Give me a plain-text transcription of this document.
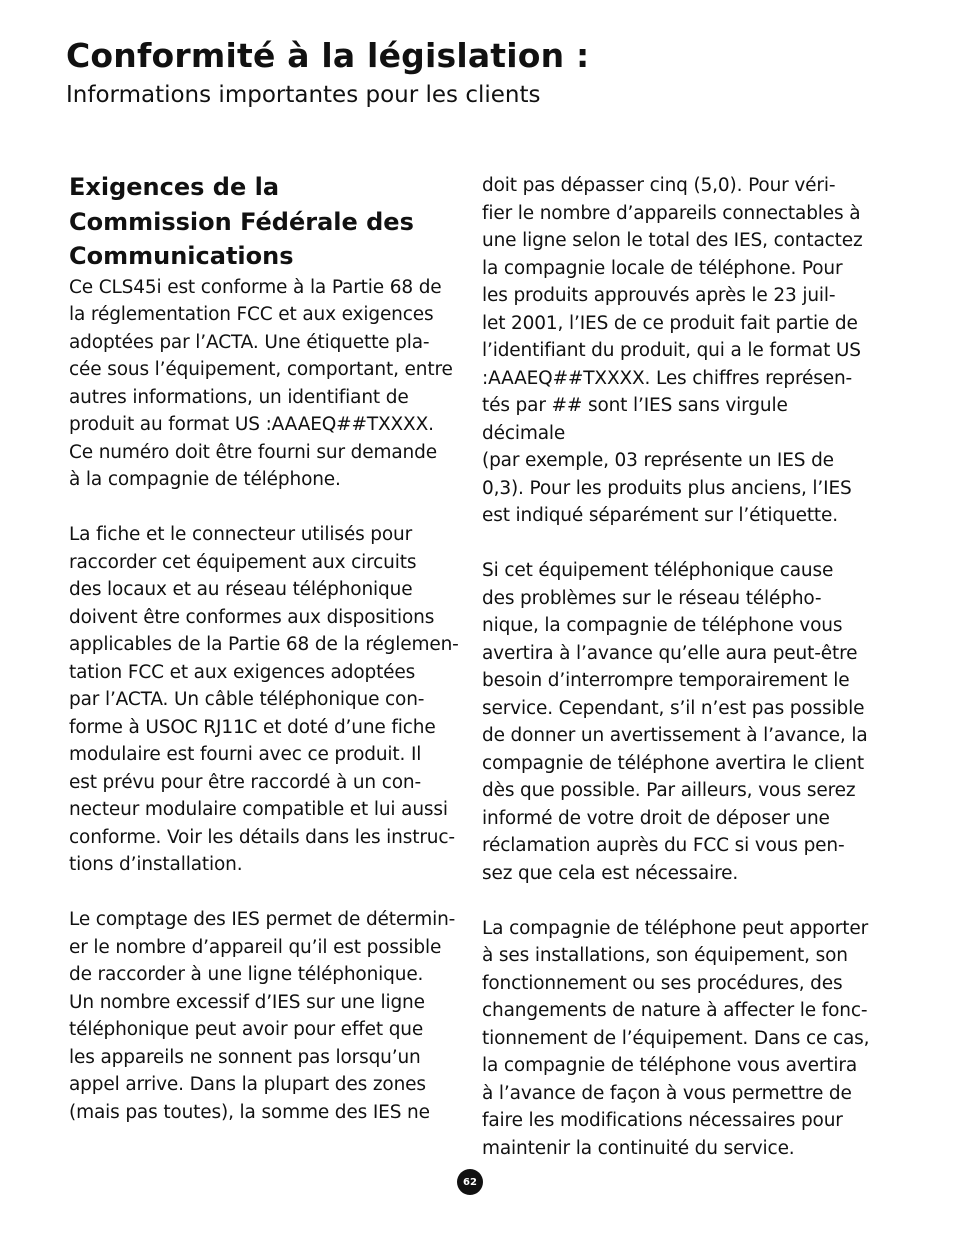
Conformité à la législation :
Informations importantes pour les clients
Exigences de la
Commission Fédérale des
Communications

Ce CLS45i est conforme à la Partie 68 de
la réglementation FCC et aux exigences
adoptées par l’ACTA. Une étiquette pla-
cée sous l’équipement, comportant, entre
autres informations, un identifiant de
produit au format US :AAAEQ##TXXXX.
Ce numéro doit être fourni sur demande
à la compagnie de téléphone.

La fiche et le connecteur utilisés pour
raccorder cet équipement aux circuits
des locaux et au réseau téléphonique
doivent être conformes aux dispositions
applicables de la Partie 68 de la réglemen-
tation FCC et aux exigences adoptées
par l’ACTA. Un câble téléphonique con-
forme à USOC RJ11C et doté d’une fiche
modulaire est fourni avec ce produit. Il
est prévu pour être raccordé à un con-
necteur modulaire compatible et lui aussi
conforme. Voir les détails dans les instruc-
tions d’installation.

Le comptage des IES permet de détermin-
er le nombre d’appareil qu’il est possible
de raccorder à une ligne téléphonique.
Un nombre excessif d’IES sur une ligne
téléphonique peut avoir pour effet que
les appareils ne sonnent pas lorsqu’un
appel arrive. Dans la plupart des zones
(mais pas toutes), la somme des IES ne

doit pas dépasser cinq (5,0). Pour véri-
fier le nombre d’appareils connectables à
une ligne selon le total des IES, contactez
la compagnie locale de téléphone. Pour
les produits approuvés après le 23 juil-
let 2001, l’IES de ce produit fait partie de
l’identifiant du produit, qui a le format US
:AAAEQ##TXXXX. Les chiffres représen-
tés par ## sont l’IES sans virgule décimale
(par exemple, 03 représente un IES de
0,3). Pour les produits plus anciens, l’IES
est indiqué séparément sur l’étiquette.

Si cet équipement téléphonique cause
des problèmes sur le réseau télépho-
nique, la compagnie de téléphone vous
avertira à l’avance qu’elle aura peut-être
besoin d’interrompre temporairement le
service. Cependant, s’il n’est pas possible
de donner un avertissement à l’avance, la
compagnie de téléphone avertira le client
dès que possible. Par ailleurs, vous serez
informé de votre droit de déposer une
réclamation auprès du FCC si vous pen-
sez que cela est nécessaire.

La compagnie de téléphone peut apporter
à ses installations, son équipement, son
fonctionnement ou ses procédures, des
changements de nature à affecter le fonc-
tionnement de l’équipement. Dans ce cas,
la compagnie de téléphone vous avertira
à l’avance de façon à vous permettre de
faire les modifications nécessaires pour
maintenir la continuité du service.

62
